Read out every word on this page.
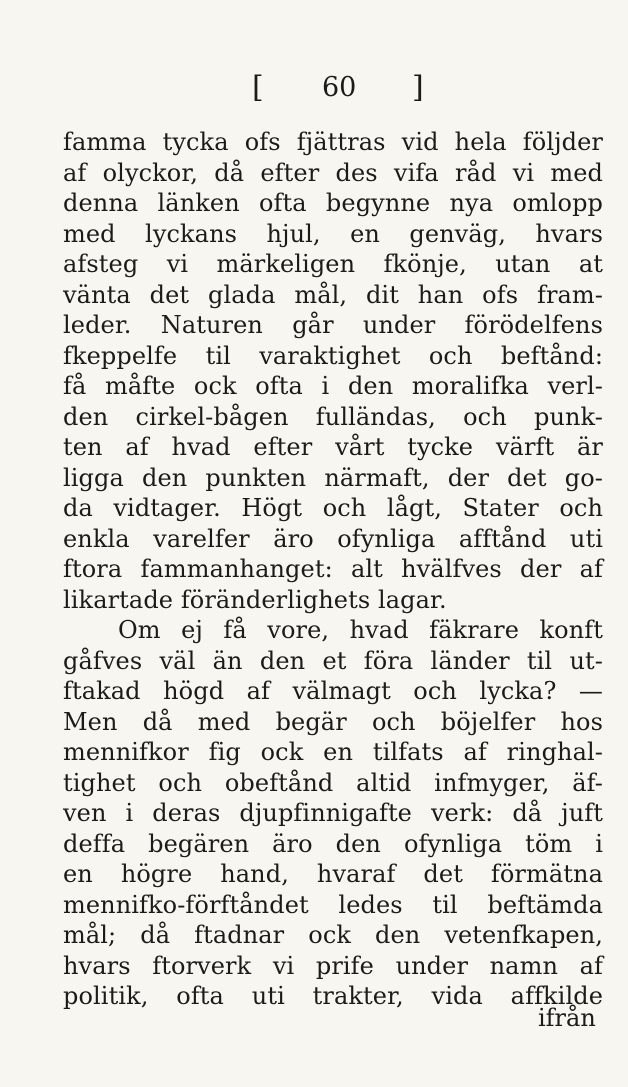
[ 60 ]
famma tycka ofs fjättras vid hela följder
af olyckor, då efter des vifa råd vi med
denna länken ofta begynne nya omlopp
med lyckans hjul, en genväg, hvars
afsteg vi märkeligen fkönje, utan at
vänta det glada mål, dit han ofs fram-
leder. Naturen går under förödelfens
fkeppelfe til varaktighet och beftånd:
få måfte ock ofta i den moralifka verl-
den cirkel-bågen fulländas, och punk-
ten af hvad efter vårt tycke värft är
ligga den punkten närmaft, der det go-
da vidtager. Högt och lågt, Stater och
enkla varelfer äro ofynliga afftånd uti
ftora fammanhanget: alt hvälfves der af
likartade föränderlighets lagar.
Om ej få vore, hvad fäkrare konft
gåfves väl än den et föra länder til ut-
ftakad högd af välmagt och lycka? —
Men då med begär och böjelfer hos
mennifkor fig ock en tilfats af ringhal-
tighet och obeftånd altid infmyger, äf-
ven i deras djupfinnigafte verk: då juft
deffa begären äro den ofynliga töm i
en högre hand, hvaraf det förmätna
mennifko-förftåndet ledes til beftämda
mål; då ftadnar ock den vetenfkapen,
hvars ftorverk vi prife under namn af
politik, ofta uti trakter, vida affkilde
ifrån
